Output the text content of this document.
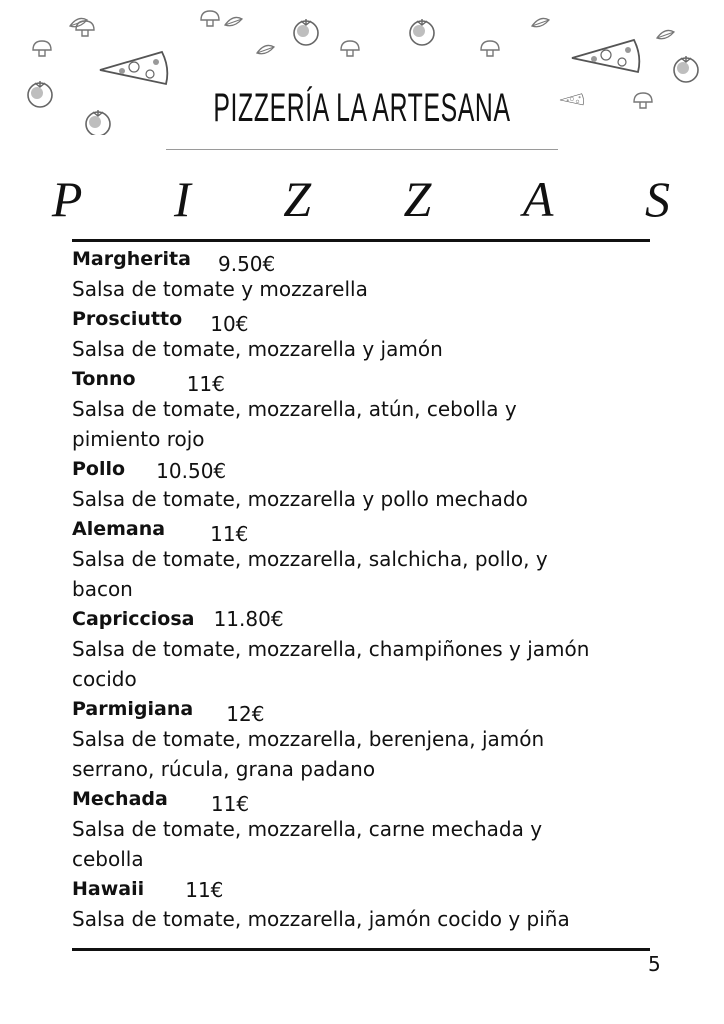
PIZZERÍA LA ARTESANA
P I Z Z A S
Margherita 9.50€
Salsa de tomate y mozzarella
Prosciutto 10€
Salsa de tomate, mozzarella y jamón
Tonno	11€
Salsa de tomate, mozzarella, atún, cebolla y pimiento rojo
Pollo 10.50€
Salsa de tomate, mozzarella y pollo mechado
Alemana 11€
Salsa de tomate, mozzarella, salchicha, pollo, y bacon
Capricciosa 11.80€
Salsa de tomate, mozzarella, champiñones y jamón cocido
Parmigiana 12€
Salsa de tomate, mozzarella, berenjena, jamón serrano, rúcula, grana padano
Mechada 11€
Salsa de tomate, mozzarella, carne mechada y cebolla
Hawaii 11€
Salsa de tomate, mozzarella, jamón cocido y piña
5
